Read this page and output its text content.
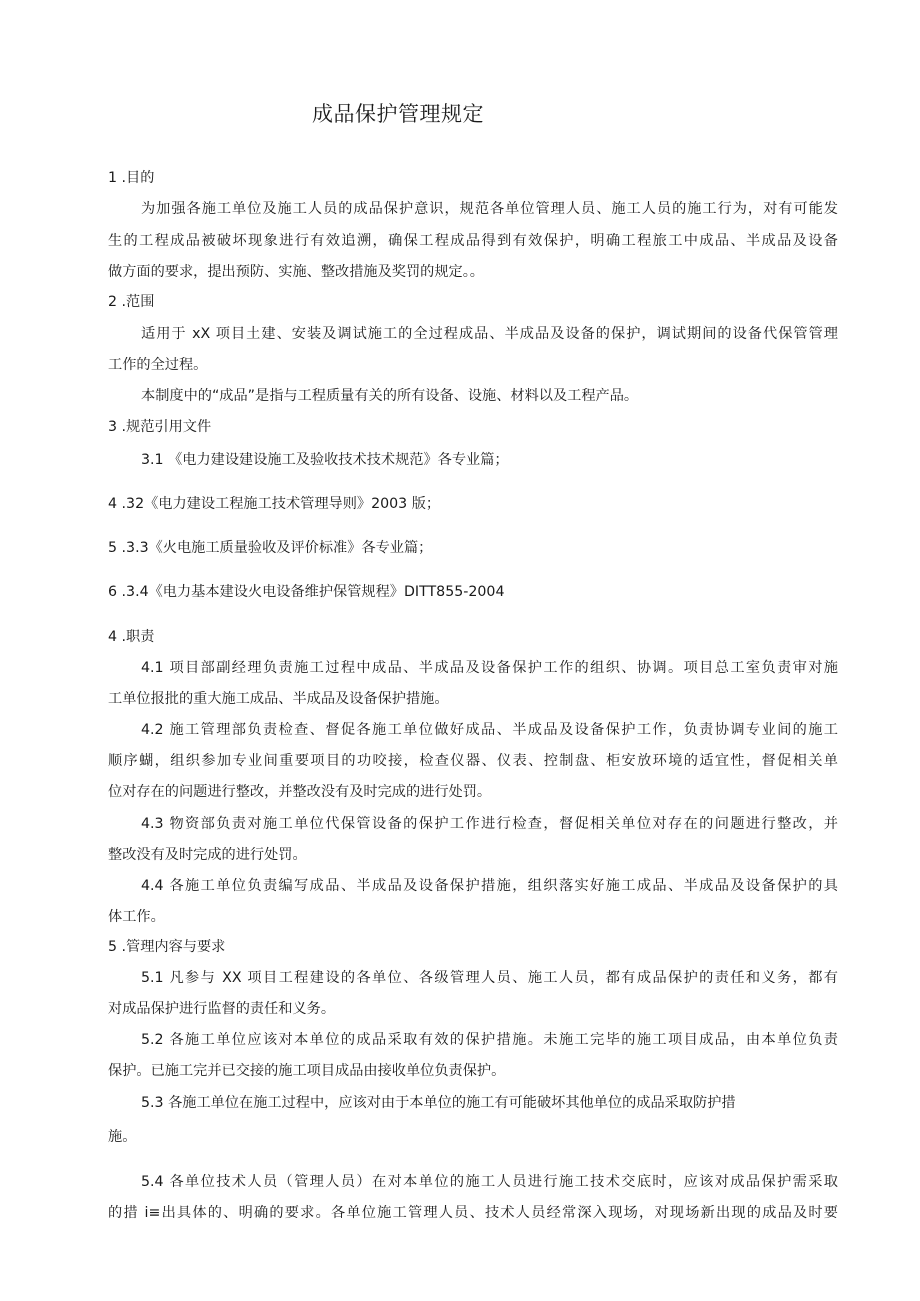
成品保护管理规定
1 .目的
为加强各施工单位及施工人员的成品保护意识，规范各单位管理人员、施工人员的施工行为，对有可能发
生的工程成品被破坏现象进行有效追溯，确保工程成品得到有效保护，明确工程旅工中成品、半成品及设备
做方面的要求，提出预防、实施、整改措施及奖罚的规定。。
2 .范围
适用于 xX 项目土建、安装及调试施工的全过程成品、半成品及设备的保护，调试期间的设备代保管管理
工作的全过程。
本制度中的“成品”是指与工程质量有关的所有设备、设施、材料以及工程产品。
3 .规范引用文件
3.1 《电力建设建设施工及验收技术技术规范》各专业篇；
4 .32《电力建设工程施工技术管理导则》2003 版；
5 .3.3《火电施工质量验收及评价标准》各专业篇；
6 .3.4《电力基本建设火电设备维护保管规程》DITT855-2004
4 .职责
4.1 项目部副经理负责施工过程中成品、半成品及设备保护工作的组织、协调。项目总工室负责审对施
工单位报批的重大施工成品、半成品及设备保护措施。
4.2 施工管理部负责检查、督促各施工单位做好成品、半成品及设备保护工作，负责协调专业间的施工
顺序蝴，组织参加专业间重要项目的功咬接，检查仪器、仪表、控制盘、柜安放环境的适宜性，督促相关单
位对存在的问题进行整改，并整改没有及时完成的进行处罚。
4.3 物资部负责对施工单位代保管设备的保护工作进行检查，督促相关单位对存在的问题进行整改，并
整改没有及时完成的进行处罚。
4.4 各施工单位负责编写成品、半成品及设备保护措施，组织落实好施工成品、半成品及设备保护的具
体工作。
5 .管理内容与要求
5.1 凡参与 XX 项目工程建设的各单位、各级管理人员、施工人员，都有成品保护的责任和义务，都有
对成品保护进行监督的责任和义务。
5.2 各施工单位应该对本单位的成品采取有效的保护措施。未施工完毕的施工项目成品，由本单位负责
保护。已施工完并已交接的施工项目成品由接收单位负责保护。
5.3 各施工单位在施工过程中，应该对由于本单位的施工有可能破坏其他单位的成品采取防护措
施。
5.4 各单位技术人员（管理人员）在对本单位的施工人员进行施工技术交底时，应该对成品保护需采取
的措 i≡出具体的、明确的要求。各单位施工管理人员、技术人员经常深入现场，对现场新出现的成品及时要
